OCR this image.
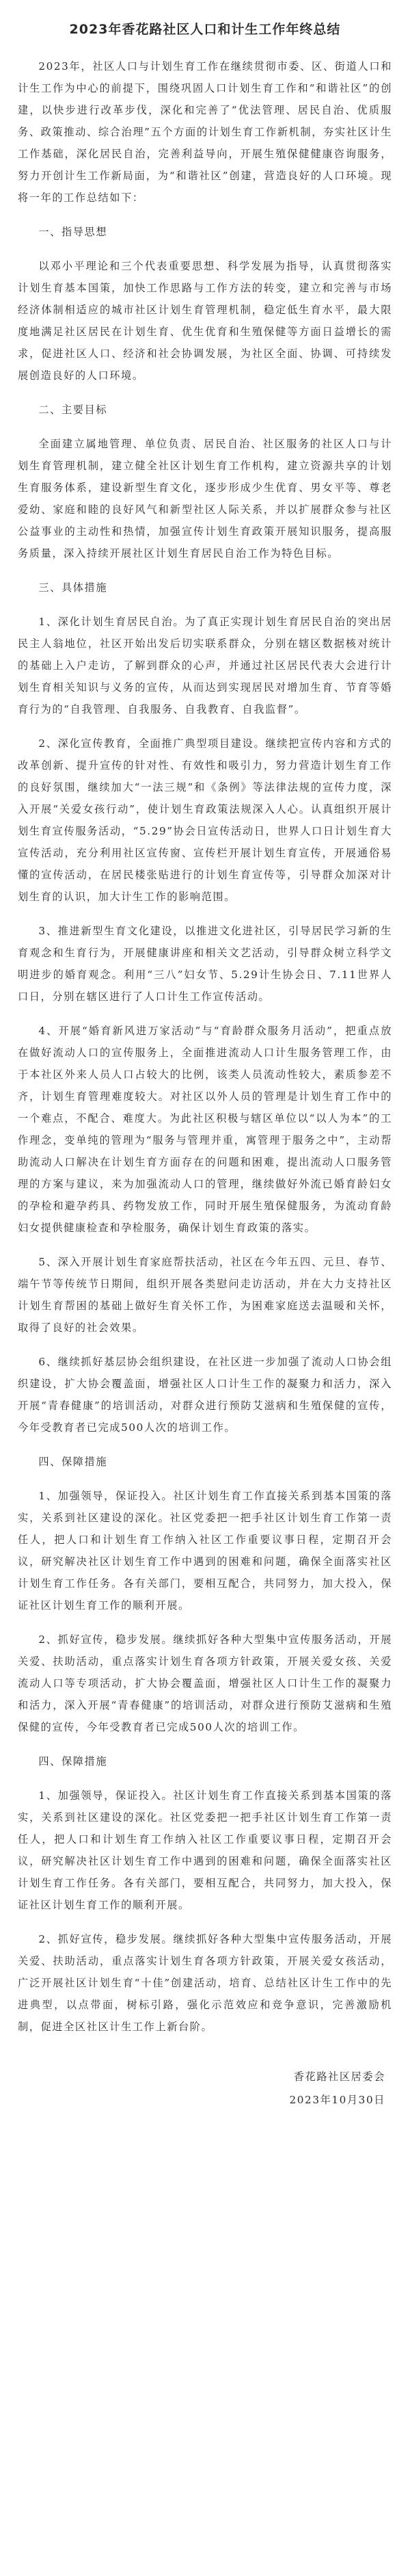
2023年香花路社区人口和计生工作年终总结

2023年，社区人口与计划生育工作在继续贯彻市委、区、街道人口和计生工作为中心的前提下，围绕巩固人口计划生育工作和“和谐社区”的创建，以快步进行改革步伐，深化和完善了“优法管理、居民自治、优质服务、政策推动、综合治理”五个方面的计划生育工作新机制，夯实社区计生工作基础，深化居民自治，完善利益导向，开展生殖保健健康咨询服务，努力开创计生工作新局面，为“和谐社区”创建，营造良好的人口环境。现将一年的工作总结如下：

一、指导思想

以邓小平理论和三个代表重要思想、科学发展为指导，认真贯彻落实计划生育基本国策，加快工作思路与工作方法的转变，建立和完善与市场经济体制相适应的城市社区计划生育管理机制，稳定低生育水平，最大限度地满足社区居民在计划生育、优生优育和生殖保健等方面日益增长的需求，促进社区人口、经济和社会协调发展，为社区全面、协调、可持续发展创造良好的人口环境。

二、主要目标

全面建立属地管理、单位负责、居民自治、社区服务的社区人口与计划生育管理机制，建立健全社区计划生育工作机构，建立资源共享的计划生育服务体系，建设新型生育文化，逐步形成少生优育、男女平等、尊老爱幼、家庭和睦的良好风气和新型社区人际关系，并以扩展群众参与社区公益事业的主动性和热情，加强宣传计划生育政策开展知识服务，提高服务质量，深入持续开展社区计划生育居民自治工作为特色目标。

三、具体措施

1、深化计划生育居民自治。为了真正实现计划生育居民自治的突出居民主人翁地位，社区开始出发后切实联系群众，分别在辖区数据核对统计的基础上入户走访，了解到群众的心声，并通过社区居民代表大会进行计划生育相关知识与义务的宣传，从而达到实现居民对增加生育、节育等婚育行为的“自我管理、自我服务、自我教育、自我监督”。

2、深化宣传教育，全面推广典型项目建设。继续把宣传内容和方式的改革创新、提升宣传的针对性、有效性和吸引力，努力营造计划生育工作的良好氛围，继续加大“一法三规”和《条例》等法律法规的宣传力度，深入开展“关爱女孩行动”，使计划生育政策法规深入人心。认真组织开展计划生育宣传服务活动，“5.29”协会日宣传活动日，世界人口日计划生育大宣传活动，充分利用社区宣传窗、宣传栏开展计划生育宣传，开展通俗易懂的宣传活动，在居民楼张贴进行的计划生育宣传等，引导群众加深对计划生育的认识，加大计生工作的影响范围。

3、推进新型生育文化建设，以推进文化进社区，引导居民学习新的生育观念和生育行为，开展健康讲座和相关文艺活动，引导群众树立科学文明进步的婚育观念。利用“三八”妇女节、5.29计生协会日、7.11世界人口日，分别在辖区进行了人口计生工作宣传活动。

4、开展“婚育新风进万家活动”与“育龄群众服务月活动”，把重点放在做好流动人口的宣传服务上，全面推进流动人口计生服务管理工作，由于本社区外来人员人口占较大的比例，该类人员流动性较大，素质参差不齐，计划生育管理难度较大。对社区以外人员的管理是计划生育工作中的一个难点，不配合、难度大。为此社区积极与辖区单位以“以人为本”的工作理念，变单纯的管理为“服务与管理并重，寓管理于服务之中”，主动帮助流动人口解决在计划生育方面存在的问题和困难，提出流动人口服务管理的方案与建议，来为加强流动人口的管理，继续做好外流已婚育龄妇女的孕检和避孕药具、药物发放工作，同时开展生殖保健服务，为流动育龄妇女提供健康检查和孕检服务，确保计划生育政策的落实。

5、深入开展计划生育家庭帮扶活动，社区在今年五四、元旦、春节、端午节等传统节日期间，组织开展各类慰问走访活动，并在大力支持社区计划生育帮困的基础上做好生育关怀工作，为困难家庭送去温暖和关怀，取得了良好的社会效果。

6、继续抓好基层协会组织建设，在社区进一步加强了流动人口协会组织建设，扩大协会覆盖面，增强社区人口计生工作的凝聚力和活力，深入开展“青春健康”的培训活动，对群众进行预防艾滋病和生殖保健的宣传，今年受教育者已完成500人次的培训工作。

四、保障措施

1、加强领导，保证投入。社区计划生育工作直接关系到基本国策的落实，关系到社区建设的深化。社区党委把一把手社区计划生育工作第一责任人，把人口和计划生育工作纳入社区工作重要议事日程，定期召开会议，研究解决社区计划生育工作中遇到的困难和问题，确保全面落实社区计划生育工作任务。各有关部门，要相互配合，共同努力，加大投入，保证社区计划生育工作的顺利开展。

2、抓好宣传，稳步发展。继续抓好各种大型集中宣传服务活动，开展关爱、扶助活动，重点落实计划生育各项方针政策，开展关爱女孩、关爱流动人口等专项活动，扩大协会覆盖面，增强社区人口计生工作的凝聚力和活力，深入开展“青春健康”的培训活动，对群众进行预防艾滋病和生殖保健的宣传，今年受教育者已完成500人次的培训工作。

四、保障措施

1、加强领导，保证投入。社区计划生育工作直接关系到基本国策的落实，关系到社区建设的深化。社区党委把一把手社区计划生育工作第一责任人，把人口和计划生育工作纳入社区工作重要议事日程，定期召开会议，研究解决社区计划生育工作中遇到的困难和问题，确保全面落实社区计划生育工作任务。各有关部门，要相互配合，共同努力，加大投入，保证社区计划生育工作的顺利开展。

2、抓好宣传，稳步发展。继续抓好各种大型集中宣传服务活动，开展关爱、扶助活动，重点落实计划生育各项方针政策，开展关爱女孩活动，广泛开展社区计划生育“十佳”创建活动，培育、总结社区计生工作中的先进典型，以点带面，树标引路，强化示范效应和竞争意识，完善激励机制，促进全区社区计生工作上新台阶。

香花路社区居委会
2023年10月30日
